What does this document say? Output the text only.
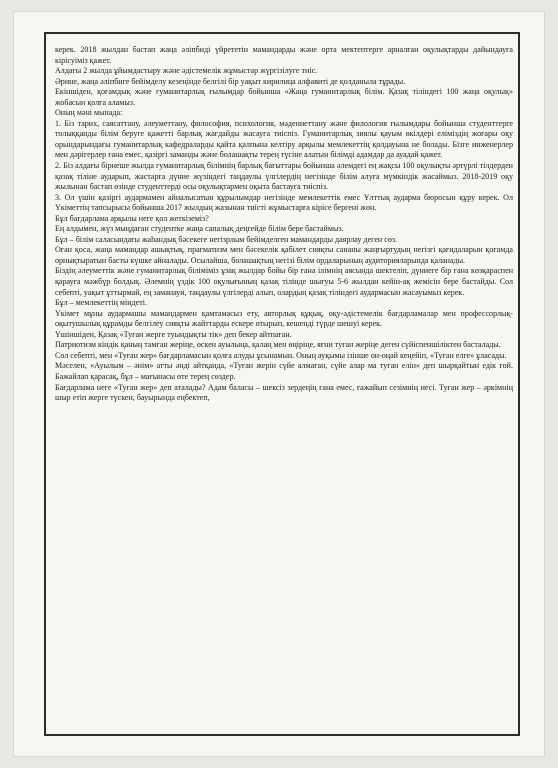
керек. 2018 жылдан бастап жаңа әліпбиді үйрететін мамандарды және орта мектептерге арналған оқулықтарды дайындауға кірісуіміз қажет.

Алдағы 2 жылда ұйымдастыру және әдістемелік жұмыстар жүргізілуге тиіс.

Әрине, жаңа әліпбиге бейімделу кезеңінде белгілі бір уақыт кирилица алфавиті де қолданыла тұрады.

Екіншіден, қоғамдық және гуманитарлық ғылымдар бойынша «Жаңа гуманитарлық білім. Қазақ тіліндегі 100 жаңа оқулық» жобасын қолға аламыз.

Оның мәні мынада:

1. Біз тарих, саясаттану, әлеуметтану, философия, психология, мәдениеттану және филология ғылымдары бойынша студенттерге толыққанды білім беруге қажетті барлық жағдайды жасауға тиіспіз. Гуманитарлық зиялы қауым өкілдері еліміздің жоғары оқу орындарындағы гуманитарлық кафедраларды қайта қалпына келтіру арқылы мемлекеттің қолдауына не болады. Бізге инженерлер мен дәрігерлер ғана емес, қазіргі заманды және болашақты терең түсіне алатын білімді адамдар да ауадай қажет.

2. Біз алдағы бірнеше жылда гуманитарлық білімнің барлық бағыттары бойынша әлемдегі ең жақсы 100 оқулықты әртүрлі тілдерден қазақ тіліне аударып, жастарға дүние жүзіндегі таңдаулы үлгілердің негізінде білім алуға мүмкіндік жасаймыз. 2018-2019 оқу жылынан бастап өзінде студенттерді осы оқулықтармен оқыта бастауға тиіспіз.

3. Ол үшін қазіргі аудармамен айналысатын құрылымдар негізінде мемлекеттік емес Ұлттық аударма бюросын құру керек. Ол Үкіметтің тапсырысы бойынша 2017 жылдың жазынан тиісті жұмыстарға кірісе бергені жөн.

Бұл бағдарлама арқылы неге қол жеткіземіз?

Ең алдымен, жүз мыңдаған студентке жаңа сапалық деңгейде білім бере бастаймыз.

Бұл – білім саласындағы жаһандық бәсекеге негізрлым бейімделген мамандарды даярлау деген сөз.

Оған қоса, жаңа мамандар ашықтық, прагматизм мен бәсекелік қабілет сияқты сананы жаңғыртудың негізгі қағидаларын қоғамда орнықтыратын басты күшке айналады. Осылайша, болашақтың негізі білім ордаларының аудиторияларында қаланады.

Біздің әлеуметтік және гуманитарлық біліміміз ұзақ жылдар бойы бір ғана ілімнің аясында шектеліп, дүниеге бір ғана көзқараспен қарауға мәжбүр болдық. Әлемнің үздік 100 оқулығының қазақ тілінде шығуы 5-6 жылдан кейін-ақ жемісін бере бастайды. Сол себепті, уақыт ұттырмай, ең заманауи, таңдаулы үлгілерді алып, олардың қазақ тіліндегі аудармасын жасауымыз керек.

Бұл – мемлекеттің міндеті.

Үкімет мұны аудармашы мамандармен қамтамасыз ету, авторлық құқық, оқу-әдістемелік бағдарламалар мен профессорлық-оқытушылық құрамды белгілеу сияқты жайттарды ескере отырып, кешенді түрде шешуі керек.

Үшіншіден, Қазақ «Туған жерге туындықты тік» деп бекер айтпаған.

Патриотизм кіндік қаның тамған жеріңе, өскен ауылыңа, қалаң мен өңіріңе, яғни туған жеріңе деген сүйіспеншіліктен басталады.

Сол себепті, мен «Туған жер» бағдарламасын қолға алуды ұсынамын. Оның ауқымы ізінше он-оңай кеңейіп, «Туған елге» ұласады.

Мәселен, «Ауылым – әнім» атты әнді айтқанда, «Туған жерін сүйе алмаған, сүйе алар ма туған елін» деп шырқайтын едік ғой. Бажайлап қарасақ, бұл – мағынасы өте терең сөздер.

Бағдарлама неге «Туған жер» деп аталады? Адам баласы – шексіз зердеңің ғана емес, ғажайып сезімнің иесі. Туған жер – әркімнің шыр етіп жерге түскен, бауырында еңбектеп,
